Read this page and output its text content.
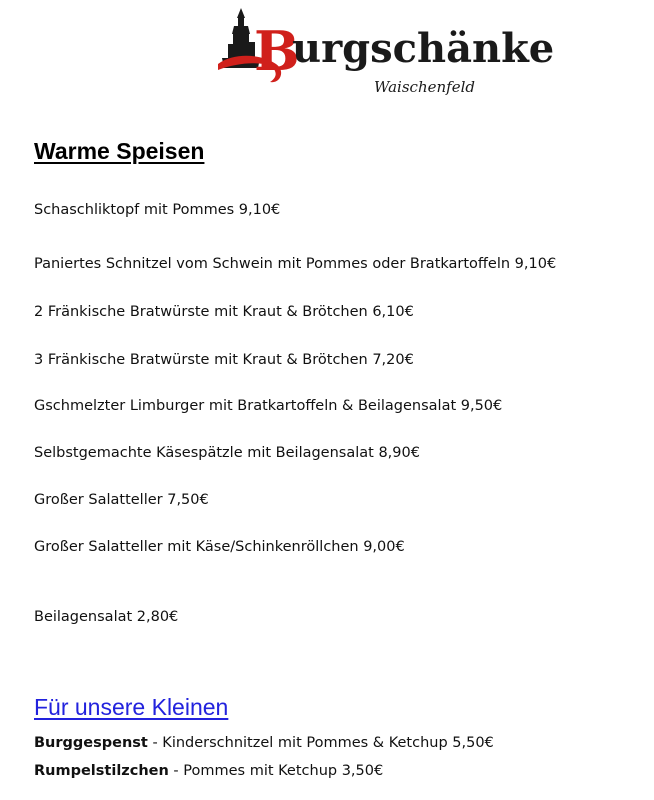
B
urgschänke
Waischenfeld
Warme Speisen
Schaschliktopf mit Pommes 9,10€
Paniertes Schnitzel vom Schwein mit Pommes oder Bratkartoffeln 9,10€
2 Fränkische Bratwürste mit Kraut & Brötchen 6,10€
3 Fränkische Bratwürste mit Kraut & Brötchen 7,20€
Gschmelzter Limburger mit Bratkartoffeln & Beilagensalat 9,50€
Selbstgemachte Käsespätzle mit Beilagensalat 8,90€
Großer Salatteller 7,50€
Großer Salatteller mit Käse/Schinkenröllchen 9,00€
Beilagensalat 2,80€
Für unsere Kleinen
Burggespenst - Kinderschnitzel mit Pommes & Ketchup 5,50€
Rumpelstilzchen - Pommes mit Ketchup 3,50€
